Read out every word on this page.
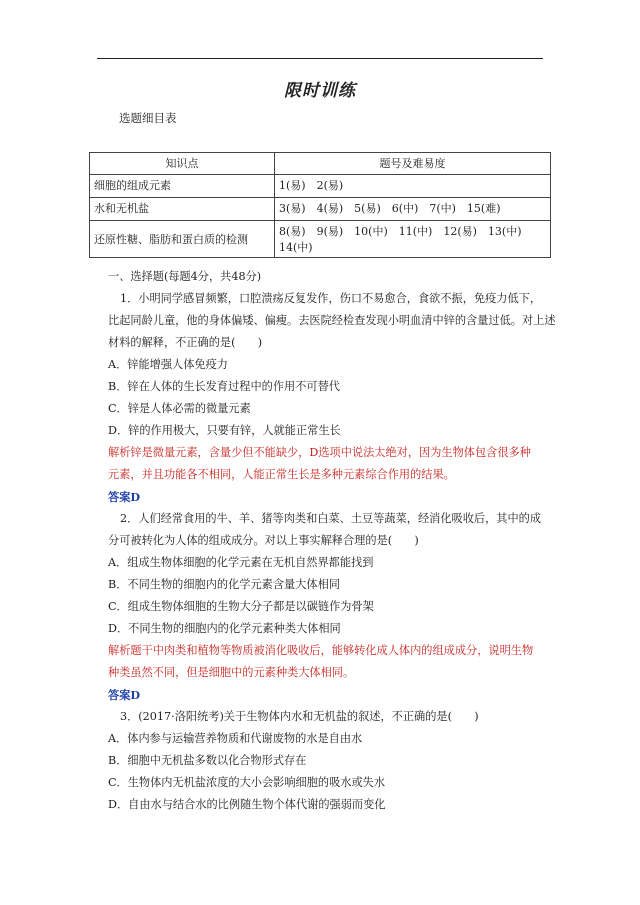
限时训练
选题细目表
知识点	题号及难易度
细胞的组成元素	1(易)　2(易)
水和无机盐	3(易)　4(易)　5(易)　6(中)　7(中)　15(难)
还原性糖、脂肪和蛋白质的检测	8(易)　9(易)　10(中)　11(中)　12(易)　13(中)
14(中)
一、选择题(每题4分，共48分)
1．小明同学感冒频繁，口腔溃疡反复发作，伤口不易愈合，食欲不振，免疫力低下，
比起同龄儿童，他的身体偏矮、偏瘦。去医院经检查发现小明血清中锌的含量过低。对上述
材料的解释，不正确的是(　　)
A．锌能增强人体免疫力
B．锌在人体的生长发育过程中的作用不可替代
C．锌是人体必需的微量元素
D．锌的作用极大，只要有锌，人就能正常生长
解析锌是微量元素，含量少但不能缺少，D选项中说法太绝对，因为生物体包含很多种
元素，并且功能各不相同，人能正常生长是多种元素综合作用的结果。
答案D
2．人们经常食用的牛、羊、猪等肉类和白菜、土豆等蔬菜，经消化吸收后，其中的成
分可被转化为人体的组成成分。对以上事实解释合理的是(　　)
A．组成生物体细胞的化学元素在无机自然界都能找到
B．不同生物的细胞内的化学元素含量大体相同
C．组成生物体细胞的生物大分子都是以碳链作为骨架
D．不同生物的细胞内的化学元素种类大体相同
解析题干中肉类和植物等物质被消化吸收后，能够转化成人体内的组成成分，说明生物
种类虽然不同，但是细胞中的元素种类大体相同。
答案D
3．(2017·洛阳统考)关于生物体内水和无机盐的叙述，不正确的是(　　)
A．体内参与运输营养物质和代谢废物的水是自由水
B．细胞中无机盐多数以化合物形式存在
C．生物体内无机盐浓度的大小会影响细胞的吸水或失水
D．自由水与结合水的比例随生物个体代谢的强弱而变化
